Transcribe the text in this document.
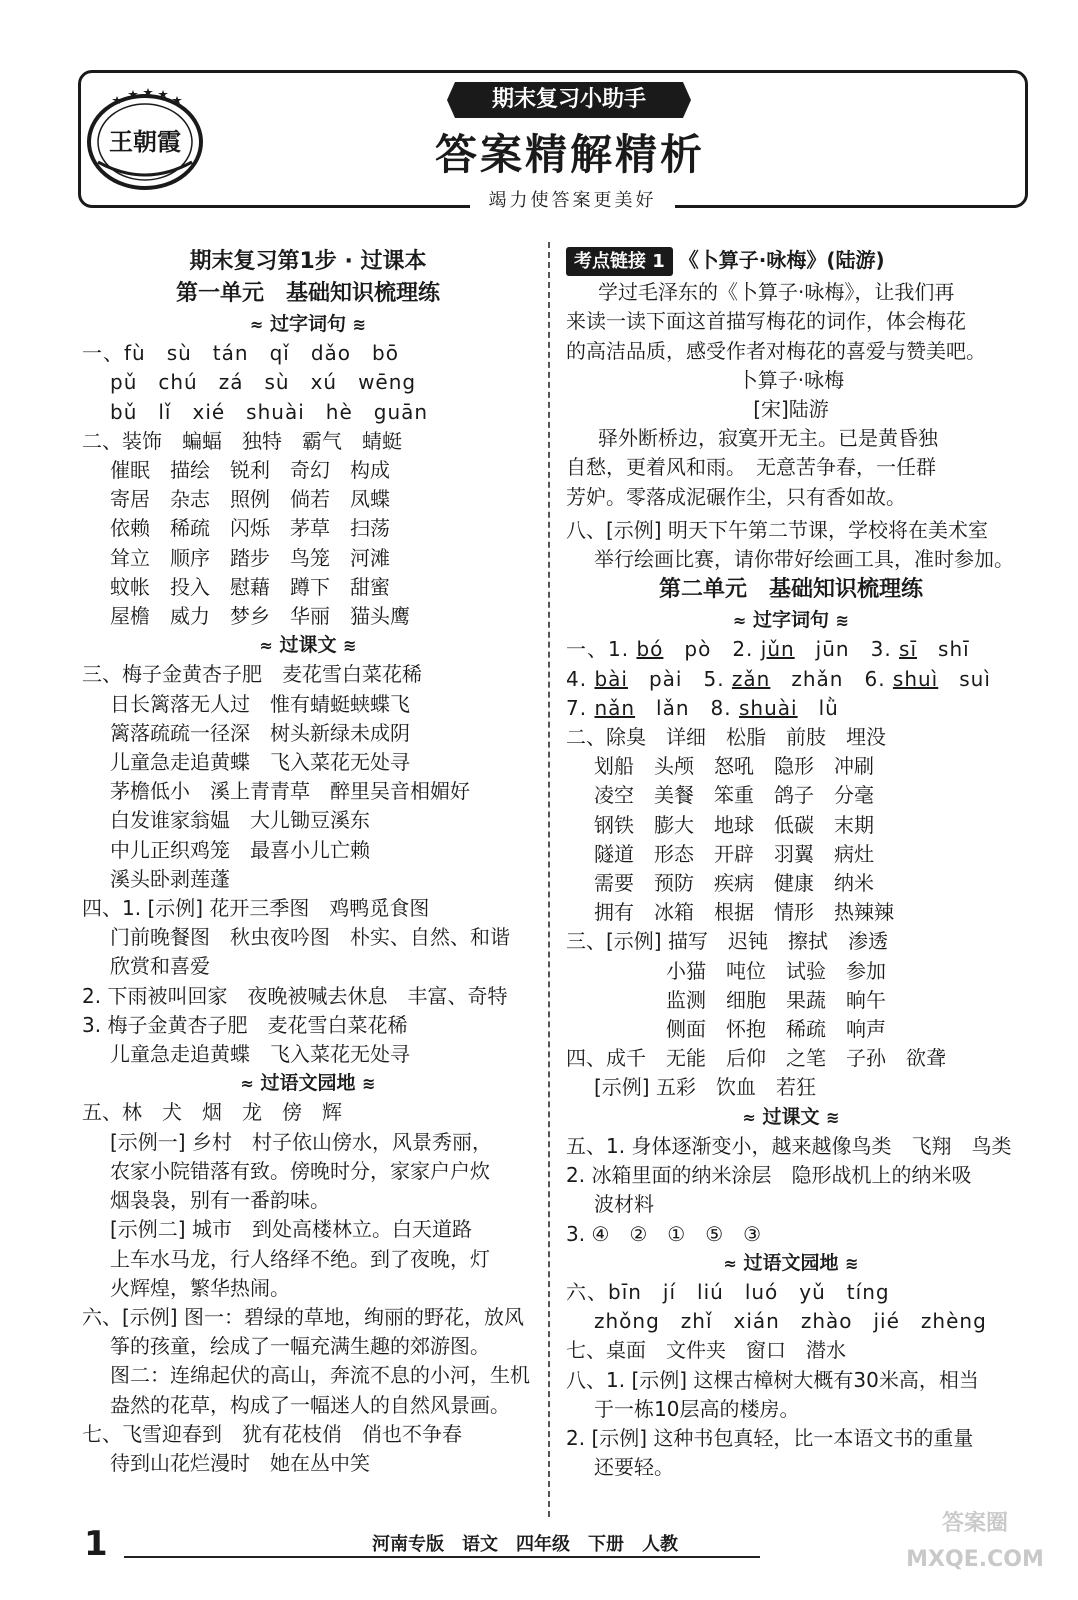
王朝霞
期末复习小助手
答案精解精析
竭力使答案更美好
期末复习第1步 · 过课本
第一单元　基础知识梳理练
≈ 过字词句 ≋
一、fù　sù　tán　qǐ　dǎo　bō
pǔ　chú　zá　sù　xú　wēng
bǔ　lǐ　xié　shuài　hè　guān
二、装饰　蝙蝠　独特　霸气　蜻蜓
催眠　描绘　锐利　奇幻　构成
寄居　杂志　照例　倘若　凤蝶
依赖　稀疏　闪烁　茅草　扫荡
耸立　顺序　踏步　鸟笼　河滩
蚊帐　投入　慰藉　蹲下　甜蜜
屋檐　威力　梦乡　华丽　猫头鹰
≈ 过课文 ≋
三、梅子金黄杏子肥　麦花雪白菜花稀
日长篱落无人过　惟有蜻蜓蛱蝶飞
篱落疏疏一径深　树头新绿未成阴
儿童急走追黄蝶　飞入菜花无处寻
茅檐低小　溪上青青草　醉里吴音相媚好
白发谁家翁媪　大儿锄豆溪东
中儿正织鸡笼　最喜小儿亡赖
溪头卧剥莲蓬
四、1. [示例] 花开三季图　鸡鸭觅食图
门前晚餐图　秋虫夜吟图　朴实、自然、和谐
欣赏和喜爱
2. 下雨被叫回家　夜晚被喊去休息　丰富、奇特
3. 梅子金黄杏子肥　麦花雪白菜花稀
儿童急走追黄蝶　飞入菜花无处寻
≈ 过语文园地 ≋
五、林　犬　烟　龙　傍　辉
[示例一] 乡村　村子依山傍水，风景秀丽，
农家小院错落有致。傍晚时分，家家户户炊
烟袅袅，别有一番韵味。
[示例二] 城市　到处高楼林立。白天道路
上车水马龙，行人络绎不绝。到了夜晚，灯
火辉煌，繁华热闹。
六、[示例] 图一：碧绿的草地，绚丽的野花，放风
筝的孩童，绘成了一幅充满生趣的郊游图。
图二：连绵起伏的高山，奔流不息的小河，生机
盎然的花草，构成了一幅迷人的自然风景画。
七、飞雪迎春到　犹有花枝俏　俏也不争春
待到山花烂漫时　她在丛中笑
考点链接 1 《卜算子·咏梅》(陆游)
学过毛泽东的《卜算子·咏梅》，让我们再
来读一读下面这首描写梅花的词作，体会梅花
的高洁品质，感受作者对梅花的喜爱与赞美吧。
卜算子·咏梅
[宋]陆游
驿外断桥边，寂寞开无主。已是黄昏独
自愁，更着风和雨。　无意苦争春，一任群
芳妒。零落成泥碾作尘，只有香如故。
八、[示例] 明天下午第二节课，学校将在美术室
举行绘画比赛，请你带好绘画工具，准时参加。
第二单元　基础知识梳理练
≈ 过字词句 ≋
一、1. bó　pò　2. jǔn　jūn　3. sī　shī
4. bài　pài　5. zǎn　zhǎn　6. shuì　suì
7. nǎn　lǎn　8. shuài　lǜ
二、除臭　详细　松脂　前肢　埋没
划船　头颅　怒吼　隐形　冲刷
凌空　美餐　笨重　鸽子　分毫
钢铁　膨大　地球　低碳　末期
隧道　形态　开辟　羽翼　病灶
需要　预防　疾病　健康　纳米
拥有　冰箱　根据　情形　热辣辣
三、[示例] 描写　迟钝　擦拭　渗透
小猫　吨位　试验　参加
监测　细胞　果蔬　晌午
侧面　怀抱　稀疏　响声
四、成千　无能　后仰　之笔　子孙　欲聋
[示例] 五彩　饮血　若狂
≈ 过课文 ≋
五、1. 身体逐渐变小，越来越像鸟类　飞翔　鸟类
2. 冰箱里面的纳米涂层　隐形战机上的纳米吸
波材料
3. ④　②　①　⑤　③
≈ 过语文园地 ≋
六、bīn　jí　liú　luó　yǔ　tíng
zhǒng　zhǐ　xián　zhào　jié　zhèng
七、桌面　文件夹　窗口　潜水
八、1. [示例] 这棵古樟树大概有30米高，相当
于一栋10层高的楼房。
2. [示例] 这种书包真轻，比一本语文书的重量
还要轻。
1	河南专版　语文　四年级　下册　人教
答案圈 MXQE.COM
